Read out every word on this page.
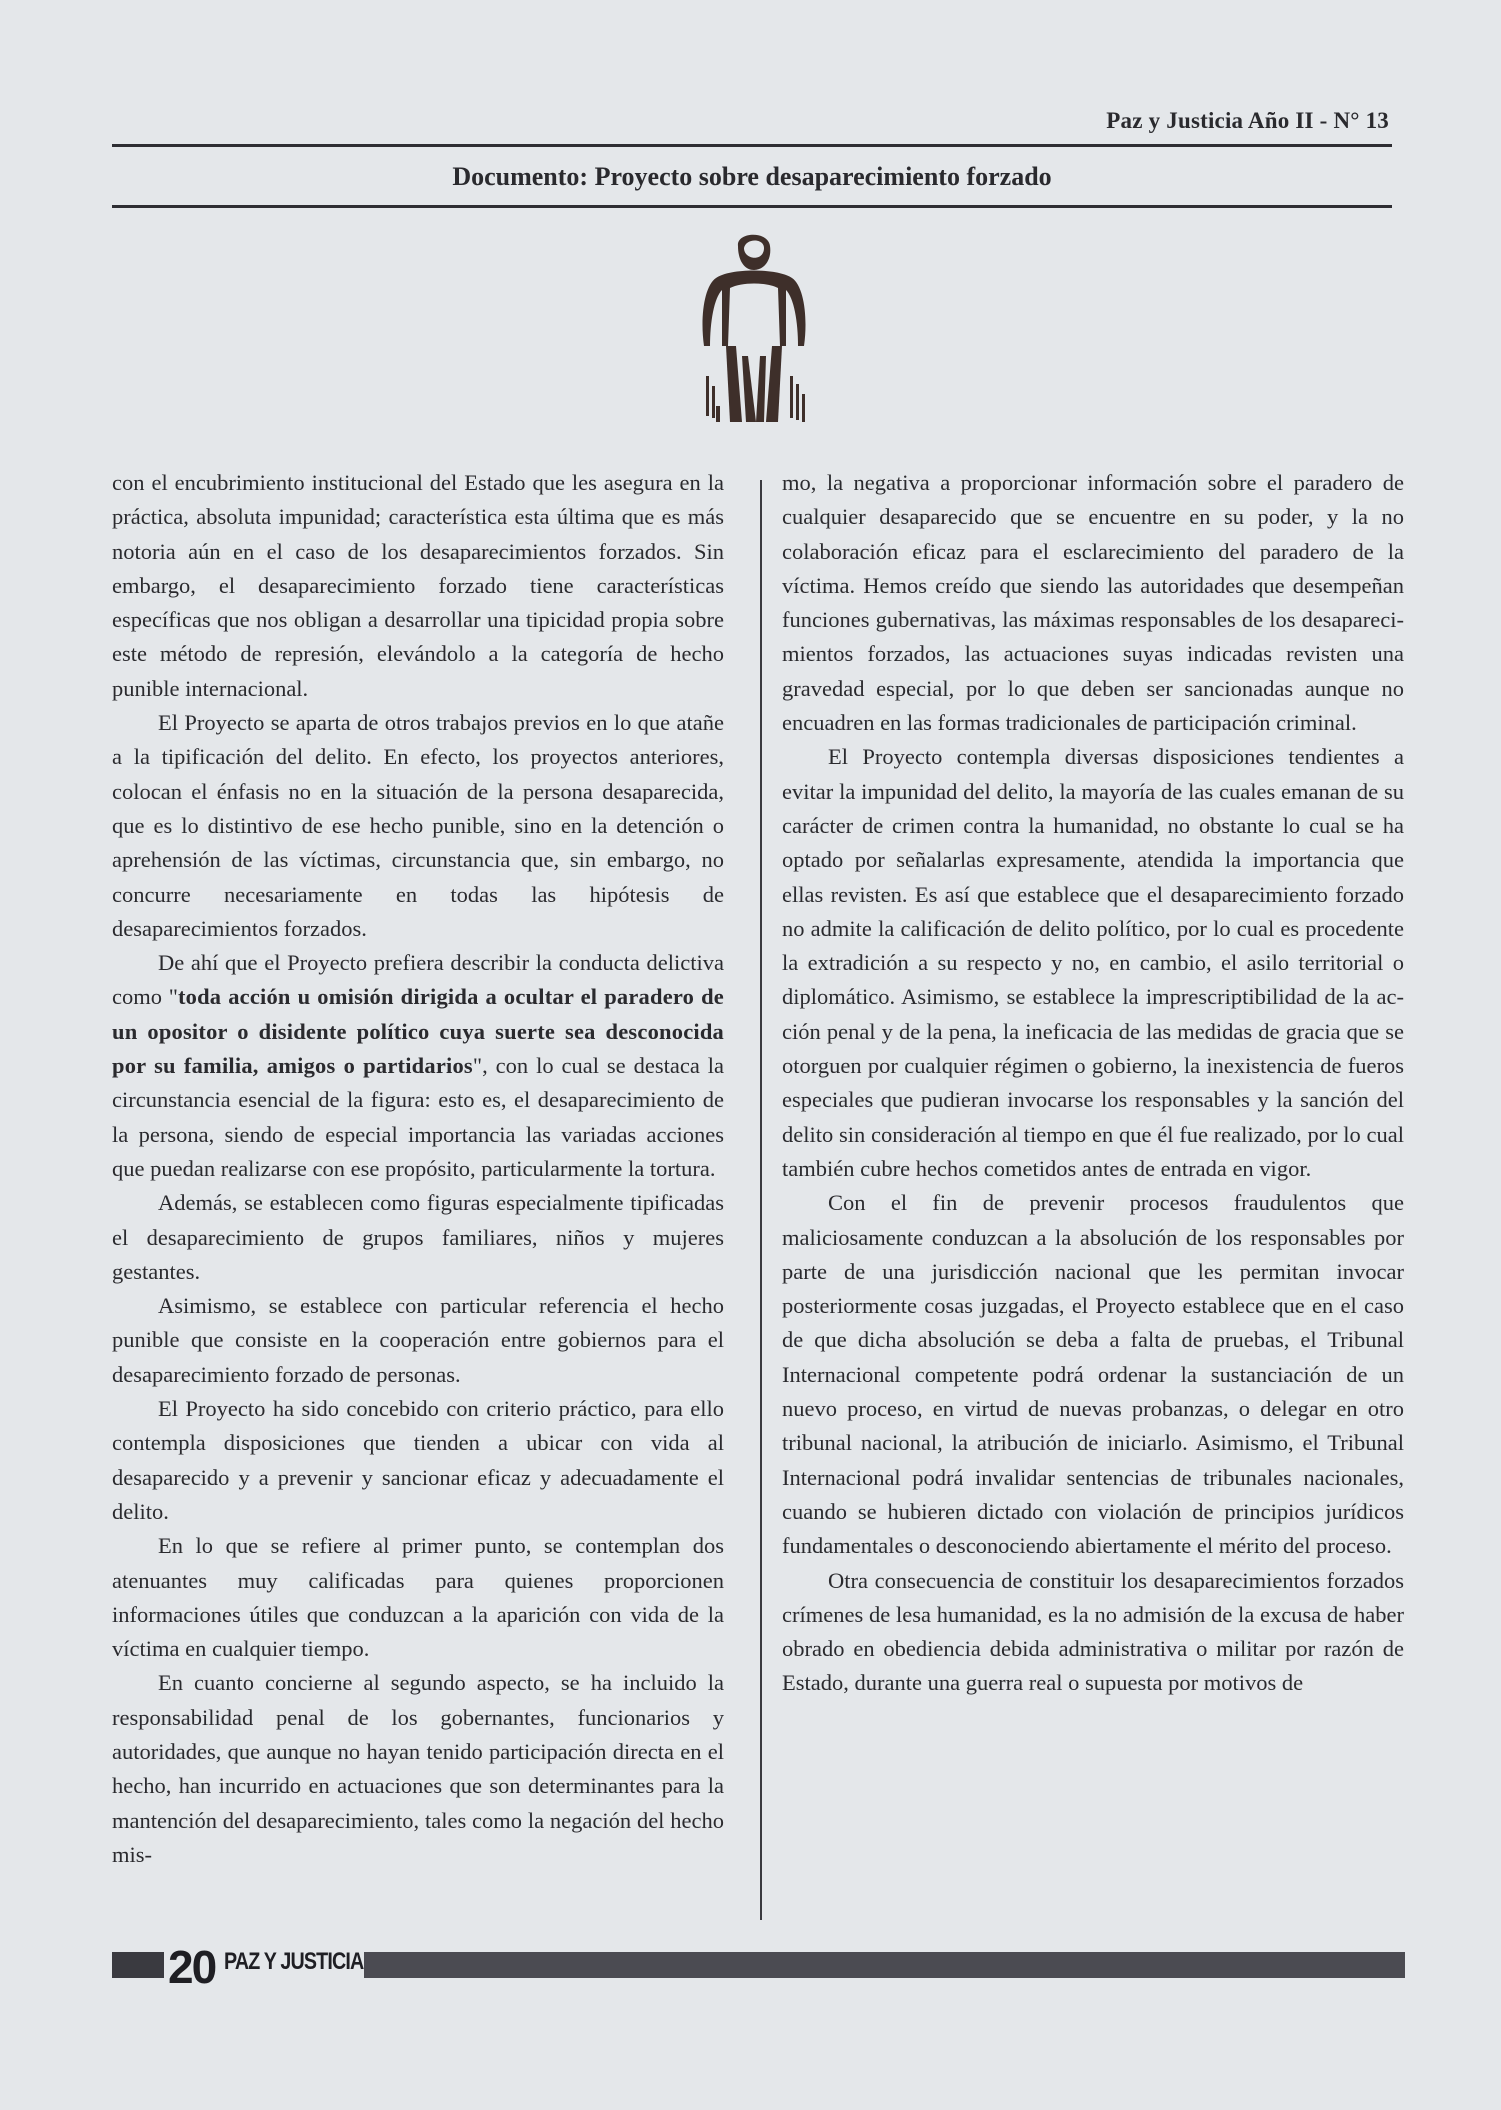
Paz y Justicia Año II - N° 13
Documento: Proyecto sobre desaparecimiento forzado

con el encubrimiento institucional del Estado que les asegura en la práctica, absoluta impunidad; característica esta última que es más notoria aún en el caso de los desaparecimientos forzados. Sin embargo, el desaparecimiento forzado tiene características específicas que nos obligan a desarrollar una tipicidad propia sobre este método de represión, elevándolo a la categoría de hecho punible internacional.

El Proyecto se aparta de otros trabajos previos en lo que atañe a la tipificación del delito. En efecto, los proyectos anteriores, colocan el énfasis no en la situación de la persona desaparecida, que es lo distintivo de ese hecho punible, sino en la detención o aprehensión de las víctimas, circunstancia que, sin embargo, no concurre necesariamente en todas las hipótesis de desaparecimientos forzados.

De ahí que el Proyecto prefiera describir la conducta delictiva como "toda acción u omisión dirigida a ocultar el paradero de un opositor o disidente político cuya suerte sea desconocida por su familia, amigos o partidarios", con lo cual se destaca la circunstancia esencial de la figura: esto es, el desaparecimiento de la persona, siendo de especial importancia las variadas acciones que puedan realizarse con ese propósito, particularmente la tortura.

Además, se establecen como figuras especialmente tipificadas el desaparecimiento de grupos familiares, niños y mujeres gestantes.

Asimismo, se establece con particular referencia el hecho punible que consiste en la cooperación entre gobiernos para el desaparecimiento forzado de personas.

El Proyecto ha sido concebido con criterio práctico, para ello contempla disposiciones que tienden a ubicar con vida al desaparecido y a prevenir y sancionar eficaz y adecuadamente el delito.

En lo que se refiere al primer punto, se contemplan dos atenuantes muy calificadas para quienes proporcionen informaciones útiles que conduzcan a la aparición con vida de la víctima en cualquier tiempo.

En cuanto concierne al segundo aspecto, se ha incluido la responsabilidad penal de los gobernantes, funcionarios y autoridades, que aunque no hayan tenido participación directa en el hecho, han incurrido en actuaciones que son determinantes para la mantención del desaparecimiento, tales como la negación del hecho mis-

mo, la negativa a proporcionar información sobre el paradero de cualquier desaparecido que se encuentre en su poder, y la no colaboración eficaz para el esclarecimiento del paradero de la víctima. Hemos creído que siendo las autoridades que desempeñan funciones gubernativas, las máximas responsables de los desaparecimientos forzados, las actuaciones suyas indicadas revisten una gravedad especial, por lo que deben ser sancionadas aunque no encuadren en las formas tradicionales de participación criminal.

El Proyecto contempla diversas disposiciones tendientes a evitar la impunidad del delito, la mayoría de las cuales emanan de su carácter de crimen contra la humanidad, no obstante lo cual se ha optado por señalarlas expresamente, atendida la importancia que ellas revisten. Es así que establece que el desaparecimiento forzado no admite la calificación de delito político, por lo cual es procedente la extradición a su respecto y no, en cambio, el asilo territorial o diplomático. Asimismo, se establece la imprescriptibilidad de la acción penal y de la pena, la ineficacia de las medidas de gracia que se otorguen por cualquier régimen o gobierno, la inexistencia de fueros especiales que pudieran invocarse los responsables y la sanción del delito sin consideración al tiempo en que él fue realizado, por lo cual también cubre hechos cometidos antes de entrada en vigor.

Con el fin de prevenir procesos fraudulentos que maliciosamente conduzcan a la absolución de los responsables por parte de una jurisdicción nacional que les permitan invocar posteriormente cosas juzgadas, el Proyecto establece que en el caso de que dicha absolución se deba a falta de pruebas, el Tribunal Internacional competente podrá ordenar la sustanciación de un nuevo proceso, en virtud de nuevas probanzas, o delegar en otro tribunal nacional, la atribución de iniciarlo. Asimismo, el Tribunal Internacional podrá invalidar sentencias de tribunales nacionales, cuando se hubieren dictado con violación de principios jurídicos fundamentales o desconociendo abiertamente el mérito del proceso.

Otra consecuencia de constituir los desaparecimientos forzados crímenes de lesa humanidad, es la no admisión de la excusa de haber obrado en obediencia debida administrativa o militar por razón de Estado, durante una guerra real o supuesta por motivos de

20 PAZ Y JUSTICIA
